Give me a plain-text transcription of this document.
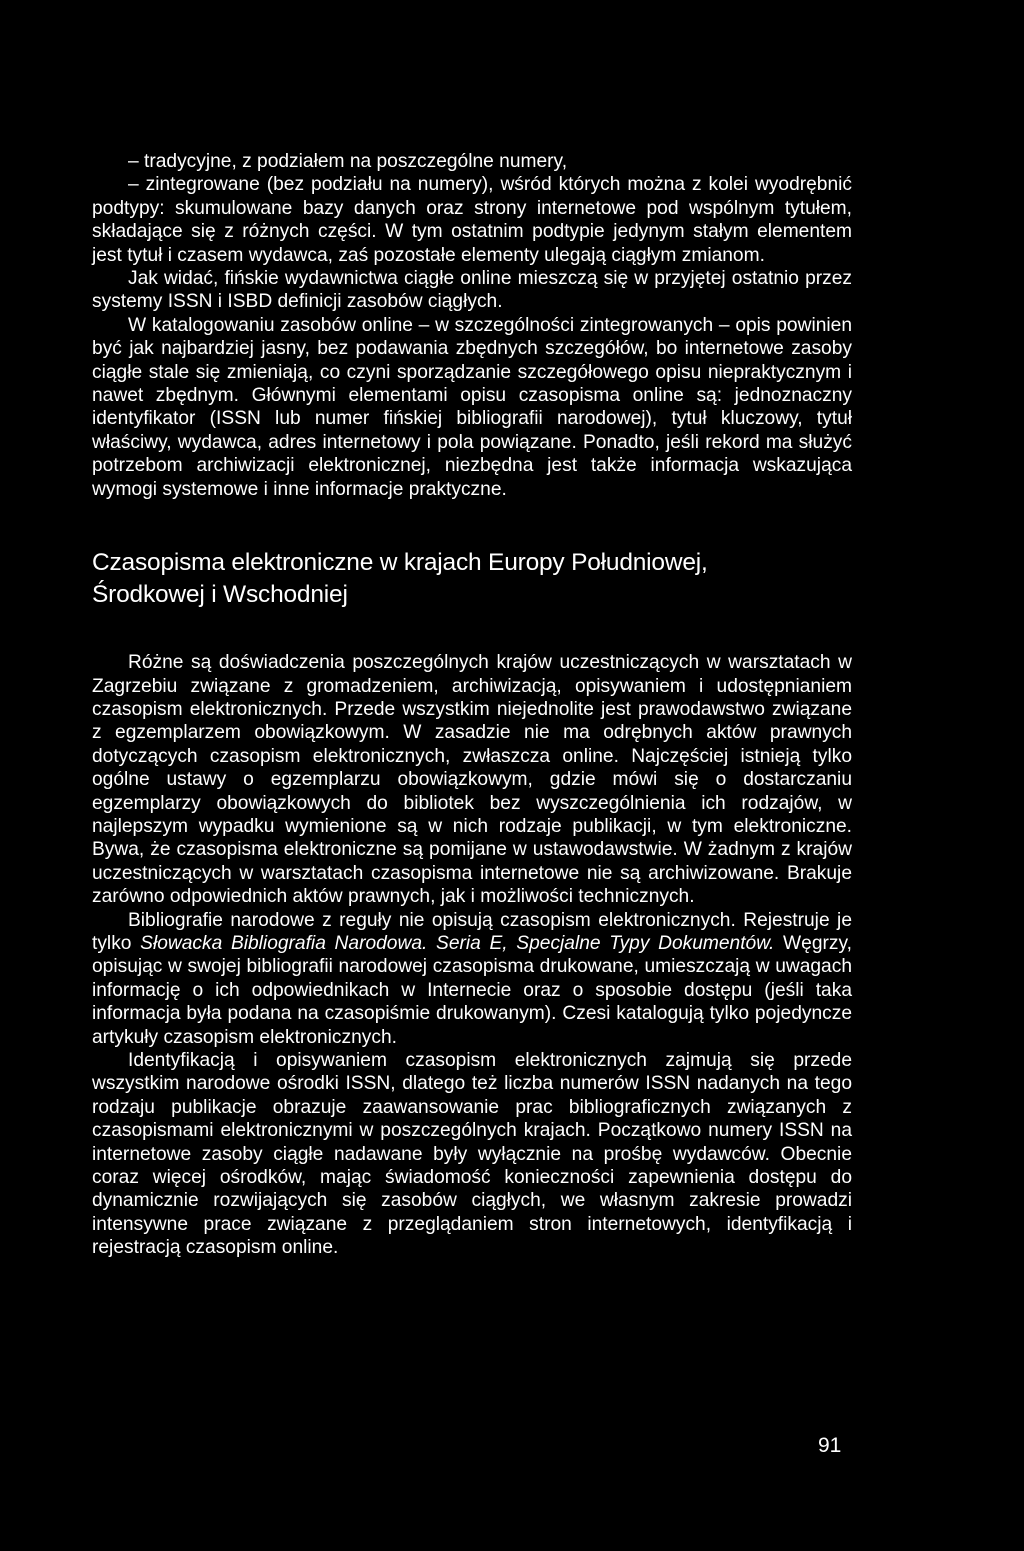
– tradycyjne, z podziałem na poszczególne numery,

– zintegrowane (bez podziału na numery), wśród których można z kolei wyodrębnić podtypy: skumulowane bazy danych oraz strony internetowe pod wspólnym tytułem, składające się z różnych części. W tym ostatnim podtypie jedynym stałym elementem jest tytuł i czasem wydawca, zaś pozostałe elementy ulegają ciągłym zmianom.

Jak widać, fińskie wydawnictwa ciągłe online mieszczą się w przyjętej ostatnio przez systemy ISSN i ISBD definicji zasobów ciągłych.

W katalogowaniu zasobów online – w szczególności zintegrowanych – opis powinien być jak najbardziej jasny, bez podawania zbędnych szczegółów, bo internetowe zasoby ciągłe stale się zmieniają, co czyni sporządzanie szczegółowego opisu niepraktycznym i nawet zbędnym. Głównymi elementami opisu czasopisma online są: jednoznaczny identyfikator (ISSN lub numer fińskiej bibliografii narodowej), tytuł kluczowy, tytuł właściwy, wydawca, adres internetowy i pola powiązane. Ponadto, jeśli rekord ma służyć potrzebom archiwizacji elektronicznej, niezbędna jest także informacja wskazująca wymogi systemowe i inne informacje praktyczne.

Czasopisma elektroniczne w krajach Europy Południowej,
Środkowej i Wschodniej

Różne są doświadczenia poszczególnych krajów uczestniczących w warsztatach w Zagrzebiu związane z gromadzeniem, archiwizacją, opisywaniem i udostępnianiem czasopism elektronicznych. Przede wszystkim niejednolite jest prawodawstwo związane z egzemplarzem obowiązkowym. W zasadzie nie ma odrębnych aktów prawnych dotyczących czasopism elektronicznych, zwłaszcza online. Najczęściej istnieją tylko ogólne ustawy o egzemplarzu obowiązkowym, gdzie mówi się o dostarczaniu egzemplarzy obowiązkowych do bibliotek bez wyszczególnienia ich rodzajów, w najlepszym wypadku wymienione są w nich rodzaje publikacji, w tym elektroniczne. Bywa, że czasopisma elektroniczne są pomijane w ustawodawstwie. W żadnym z krajów uczestniczących w warsztatach czasopisma internetowe nie są archiwizowane. Brakuje zarówno odpowiednich aktów prawnych, jak i możliwości technicznych.

Bibliografie narodowe z reguły nie opisują czasopism elektronicznych. Rejestruje je tylko Słowacka Bibliografia Narodowa. Seria E, Specjalne Typy Dokumentów. Węgrzy, opisując w swojej bibliografii narodowej czasopisma drukowane, umieszczają w uwagach informację o ich odpowiednikach w Internecie oraz o sposobie dostępu (jeśli taka informacja była podana na czasopiśmie drukowanym). Czesi katalogują tylko pojedyncze artykuły czasopism elektronicznych.

Identyfikacją i opisywaniem czasopism elektronicznych zajmują się przede wszystkim narodowe ośrodki ISSN, dlatego też liczba numerów ISSN nadanych na tego rodzaju publikacje obrazuje zaawansowanie prac bibliograficznych związanych z czasopismami elektronicznymi w poszczególnych krajach. Początkowo numery ISSN na internetowe zasoby ciągłe nadawane były wyłącznie na prośbę wydawców. Obecnie coraz więcej ośrodków, mając świadomość konieczności zapewnienia dostępu do dynamicznie rozwijających się zasobów ciągłych, we własnym zakresie prowadzi intensywne prace związane z przeglądaniem stron internetowych, identyfikacją i rejestracją czasopism online.

91
